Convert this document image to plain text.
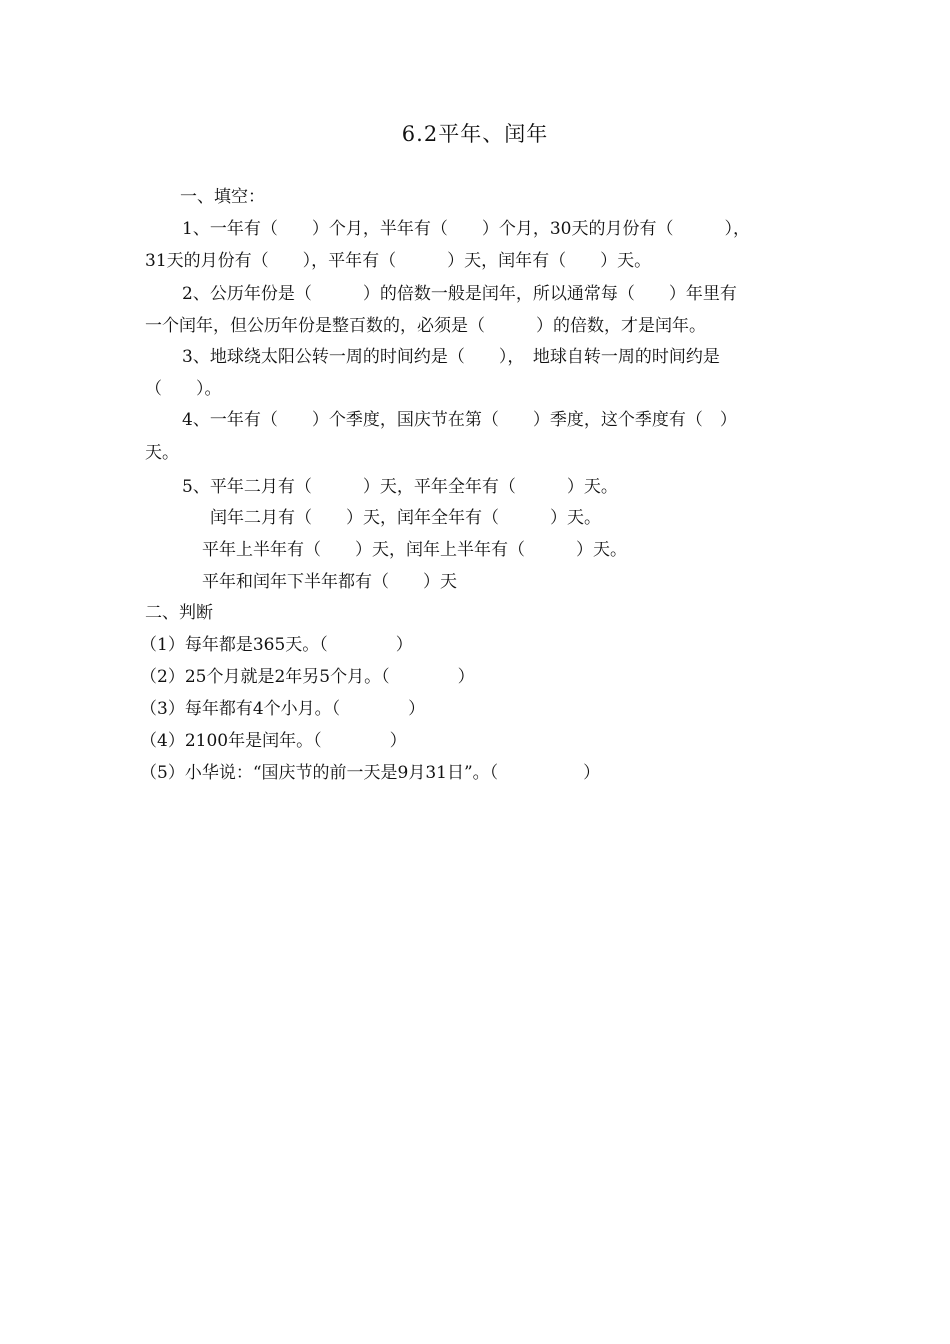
6.2平年、闰年
一、填空：
1、一年有（　　）个月，半年有（　　）个月，30天的月份有（　　　），
31天的月份有（　　），平年有（　　　）天，闰年有（　　）天。
2、公历年份是（　　　）的倍数一般是闰年，所以通常每（　　）年里有
一个闰年，但公历年份是整百数的，必须是（　　　）的倍数，才是闰年。
3、地球绕太阳公转一周的时间约是（　　），　地球自转一周的时间约是
（　　）。
4、一年有（　　）个季度，国庆节在第（　　）季度，这个季度有（　）
天。
5、平年二月有（　　　）天，平年全年有（　　　）天。
闰年二月有（　　）天，闰年全年有（　　　）天。
平年上半年有（　　）天，闰年上半年有（　　　）天。
平年和闰年下半年都有（　　）天
二、判断
（1）每年都是365天。（　　　　）
（2）25个月就是2年另5个月。（　　　　）
（3）每年都有4个小月。（　　　　）
（4）2100年是闰年。（　　　　）
（5）小华说：“国庆节的前一天是9月31日”。（　　　　　）
